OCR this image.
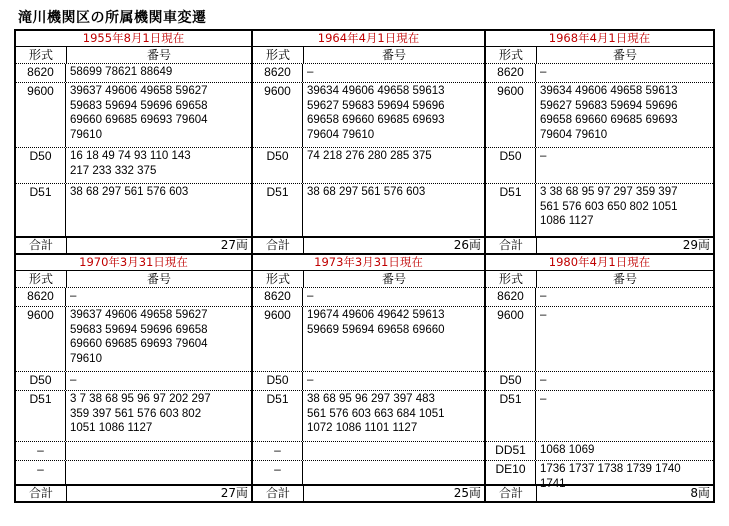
滝川機関区の所属機関車変遷
1955年8月1日現在
形式	番号
8620	58699 78621 88649
9600	39637 49606 49658 59627
59683 59694 59696 69658
69660 69685 69693 79604
79610
D50	16 18 49 74 93 110 143
217 233 332 375
D51	38 68 297 561 576 603
合計	27両
1964年4月1日現在
形式	番号
8620	–
9600	39634 49606 49658 59613
59627 59683 59694 59696
69658 69660 69685 69693
79604 79610
D50	74 218 276 280 285 375
D51	38 68 297 561 576 603
合計	26両
1968年4月1日現在
形式	番号
8620	–
9600	39634 49606 49658 59613
59627 59683 59694 59696
69658 69660 69685 69693
79604 79610
D50	–
D51	3 38 68 95 97 297 359 397
561 576 603 650 802 1051
1086 1127
合計	29両
1970年3月31日現在
形式	番号
8620	–
9600	39637 49606 49658 59627
59683 59694 59696 69658
69660 69685 69693 79604
79610
D50	–
D51	3 7 38 68 95 96 97 202 297
359 397 561 576 603 802
1051 1086 1127
–
–
合計	27両
1973年3月31日現在
形式	番号
8620	–
9600	19674 49606 49642 59613
59669 59694 69658 69660
D50	–
D51	38 68 95 96 297 397 483
561 576 603 663 684 1051
1072 1086 1101 1127
–
–
合計	25両
1980年4月1日現在
形式	番号
8620	–
9600	–
D50	–
D51	–
DD51	1068 1069
DE10	1736 1737 1738 1739 1740
1741
合計	8両
